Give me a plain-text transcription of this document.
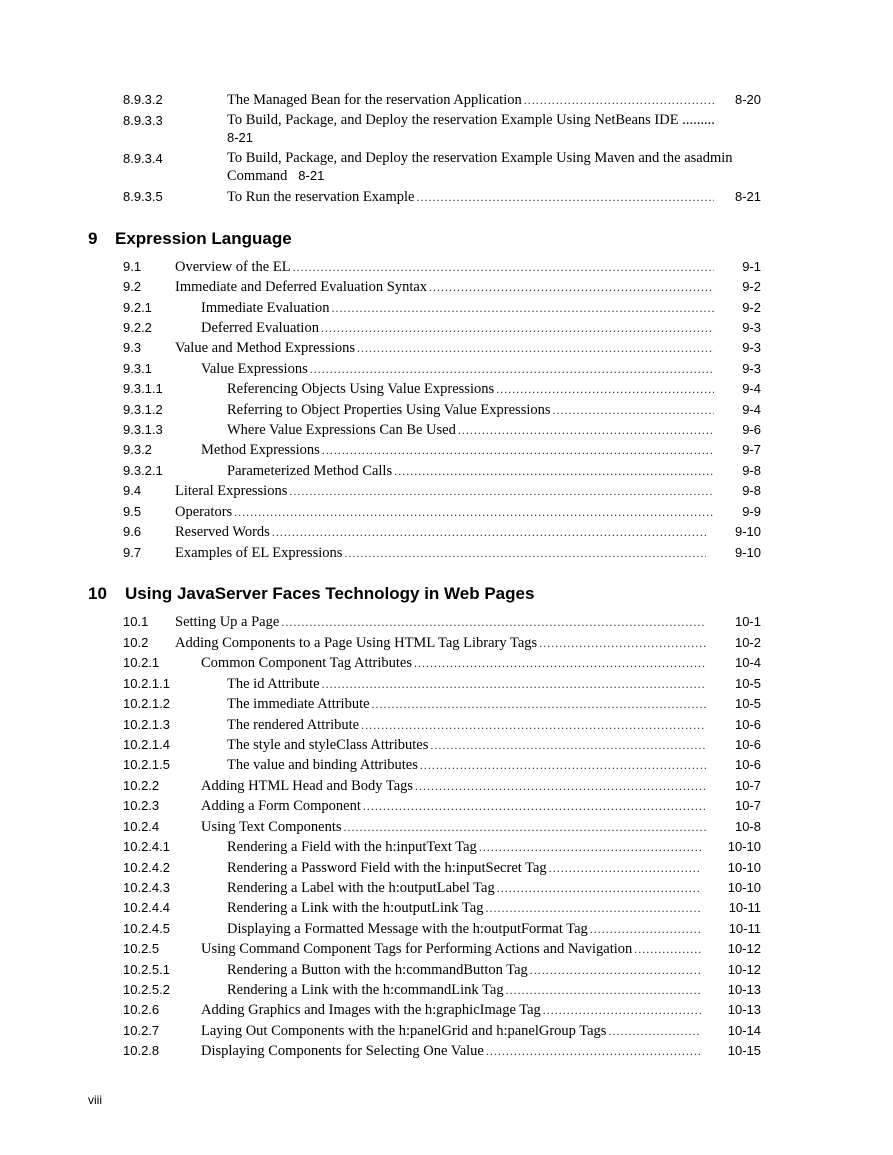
8.9.3.2	The Managed Bean for the reservation Application .....	8-20
8.9.3.3	To Build, Package, and Deploy the reservation Example Using NetBeans IDE .........
8-21
8.9.3.4	To Build, Package, and Deploy the reservation Example Using Maven and the asadmin Command 8-21
8.9.3.5	To Run the reservation Example .....	8-21
9 Expression Language
9.1 Overview of the EL .....	9-1
9.2 Immediate and Deferred Evaluation Syntax .....	9-2
9.2.1	Immediate Evaluation .....	9-2
9.2.2	Deferred Evaluation .....	9-3
9.3 Value and Method Expressions .....	9-3
9.3.1	Value Expressions .....	9-3
9.3.1.1	Referencing Objects Using Value Expressions .....	9-4
9.3.1.2	Referring to Object Properties Using Value Expressions .....	9-4
9.3.1.3	Where Value Expressions Can Be Used .....	9-6
9.3.2	Method Expressions .....	9-7
9.3.2.1	Parameterized Method Calls .....	9-8
9.4 Literal Expressions .....	9-8
9.5 Operators .....	9-9
9.6 Reserved Words .....	9-10
9.7 Examples of EL Expressions .....	9-10
10 Using JavaServer Faces Technology in Web Pages
10.1 Setting Up a Page .....	10-1
10.2 Adding Components to a Page Using HTML Tag Library Tags .....	10-2
10.2.1	Common Component Tag Attributes .....	10-4
10.2.1.1	The id Attribute .....	10-5
10.2.1.2	The immediate Attribute .....	10-5
10.2.1.3	The rendered Attribute .....	10-6
10.2.1.4	The style and styleClass Attributes .....	10-6
10.2.1.5	The value and binding Attributes .....	10-6
10.2.2	Adding HTML Head and Body Tags .....	10-7
10.2.3	Adding a Form Component .....	10-7
10.2.4	Using Text Components .....	10-8
10.2.4.1	Rendering a Field with the h:inputText Tag .....	10-10
10.2.4.2	Rendering a Password Field with the h:inputSecret Tag .....	10-10
10.2.4.3	Rendering a Label with the h:outputLabel Tag .....	10-10
10.2.4.4	Rendering a Link with the h:outputLink Tag .....	10-11
10.2.4.5	Displaying a Formatted Message with the h:outputFormat Tag .....	10-11
10.2.5	Using Command Component Tags for Performing Actions and Navigation .....	10-12
10.2.5.1	Rendering a Button with the h:commandButton Tag .....	10-12
10.2.5.2	Rendering a Link with the h:commandLink Tag .....	10-13
10.2.6	Adding Graphics and Images with the h:graphicImage Tag .....	10-13
10.2.7	Laying Out Components with the h:panelGrid and h:panelGroup Tags .....	10-14
10.2.8	Displaying Components for Selecting One Value .....	10-15
viii
